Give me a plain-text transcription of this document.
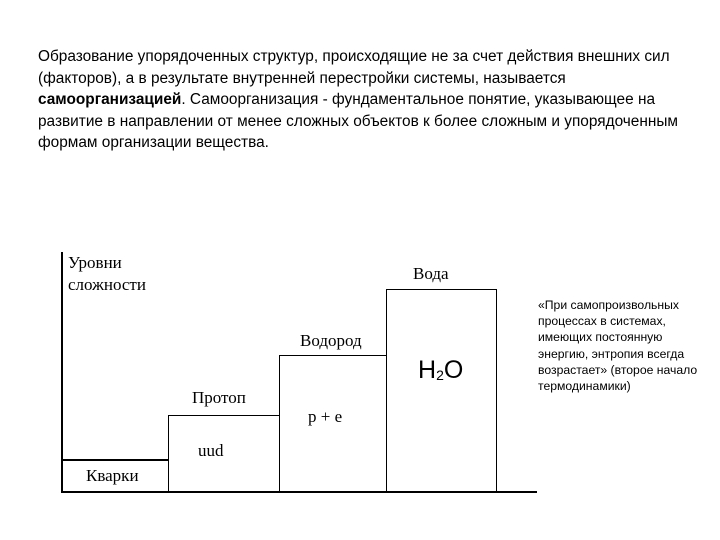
Образование упорядоченных структур, происходящие не за счет действия внешних сил (факторов), а в результате внутренней перестройки системы, называется самоорганизацией. Самоорганизация - фундаментальное понятие, указывающее на развитие в направлении от менее сложных объектов к более сложным и упорядоченным формам организации вещества.

Уровни
сложности
Кварки
Протоп
uud
Водород
p + e
Вода
H2O
«При самопроизвольных процессах в системах, имеющих постоянную энергию, энтропия всегда возрастает» (второе начало термодинамики)
